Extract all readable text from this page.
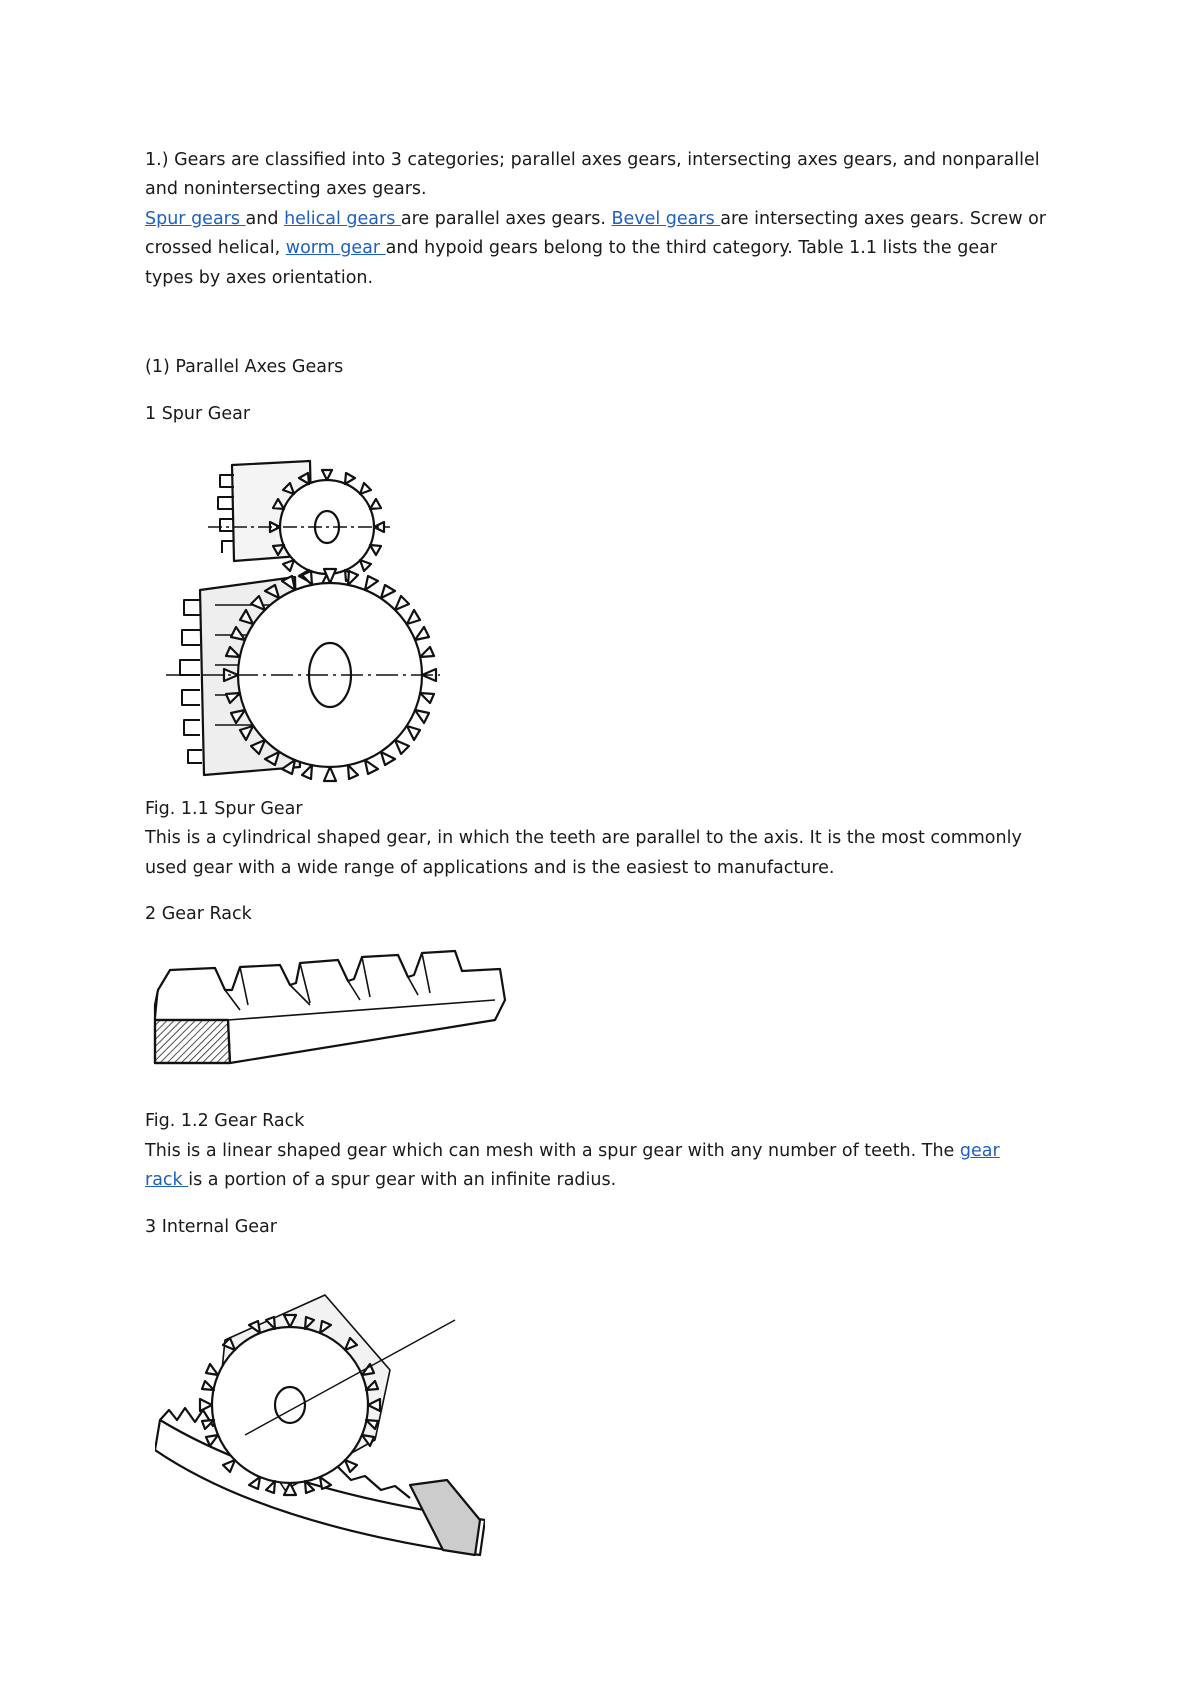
1.) Gears are classified into 3 categories; parallel axes gears, intersecting axes gears, and nonparallel
and nonintersecting axes gears.
Spur gears and helical gears are parallel axes gears. Bevel gears are intersecting axes gears. Screw or
crossed helical, worm gear and hypoid gears belong to the third category. Table 1.1 lists the gear
types by axes orientation.
(1) Parallel Axes Gears
1 Spur Gear
Fig. 1.1 Spur Gear
This is a cylindrical shaped gear, in which the teeth are parallel to the axis. It is the most commonly
used gear with a wide range of applications and is the easiest to manufacture.
2 Gear Rack
Fig. 1.2 Gear Rack
This is a linear shaped gear which can mesh with a spur gear with any number of teeth. The gear
rack is a portion of a spur gear with an infinite radius.
3 Internal Gear
